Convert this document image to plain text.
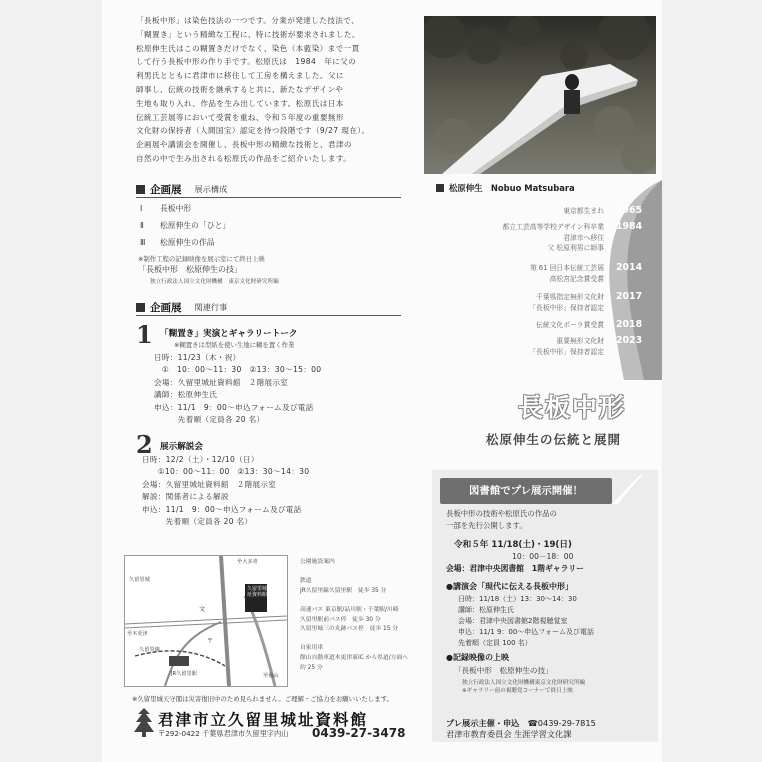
「長板中形」は染色技法の一つです。分業が発達した技法で、
「糊置き」という精緻な工程に、特に技術が要求されました。
松原伸生氏はこの糊置きだけでなく、染色（本藍染）まで一貫
して行う長板中形の作り手です。松原氏は　1984　年に父の
利男氏とともに君津市に移住して工房を構えました。父に
師事し、伝統の技術を継承すると共に、新たなデザインや
生地も取り入れ、作品を生み出しています。松原氏は日本
伝統工芸展等において受賞を重ね、令和５年度の重要無形
文化財の保持者（人間国宝）認定を待つ段階です（9/27 現在）。
企画展や講演会を開催し、長板中形の精緻な技術と、君津の
自然の中で生み出される松原氏の作品をご紹介いたします。
企画展 展示構成
Ⅰ 長板中形
Ⅱ 松原伸生の「ひと」
Ⅲ 松原伸生の作品
※制作工程の記録映像を展示室にて終日上映
「長板中形　松原伸生の技」
独立行政法人国立文化財機構　東京文化財研究所編
企画展 関連行事
1 「糊置き」実演とギャラリートーク
※糊置きは型紙を使い生地に糊を置く作業
日時：11/23（木・祝）
　①　10：00～11：30　②13：30～15：00
会場：久留里城址資料館　２階展示室
講師：松原伸生氏
申込：11/1　9：00～申込フォーム及び電話
　　　先着順（定員各 20 名）
2 展示解説会
日時：12/2（土）・12/10（日）
　　①10：00～11：00　②13：30～14：30
会場：久留里城址資料館　２階展示室
解説：関係者による解説
申込：11/1　9：00～申込フォーム及び電話
　　　先着順（定員各 20 名）
松原伸生　Nobuo Matsubara
東京都生まれ 1965
都立工芸高等学校デザイン科卒業
君津市へ移住
父 松原利男に師事
1984
第 61 回日本伝統工芸展
高松宮記念賞受賞
2014
千葉県指定無形文化財
「長板中形」保持者認定
2017
伝統文化ポーラ賞受賞 2018
重要無形文化財
「長板中形」保持者認定
2023
長板中形
松原伸生の伝統と展開
図書館でプレ展示開催！
長板中形の技術や松原氏の作品の
一部を先行公開します。
令和５年 11/18(土)・19(日)
10：00－18：00
会場：君津中央図書館　1階ギャラリー
●講演会「現代に伝える長板中形」
日時：11/18（土）13：30～14：30
講師：松原伸生氏
会場：君津中央図書館2階視聴覚室
申込：11/1 9：00～申込フォーム及び電話
先着順（定員 100 名）
●記録映像の上映
「長板中形　松原伸生の技」
独立行政法人国立文化財機構東京文化財研究所編
※ギャラリー前の視聴覚コーナーで終日上映
プレ展示主催・申込　 ☎0439-29-7815
君津市教育委員会 生涯学習文化課
久留里城址資料館
久留里城
至木更津
至大多喜
JR久留里駅
久留里線
文
〒
至亀山
公園施設案内

鉄道
JR久留里線久留里駅　徒歩 35 分

高速バス 東京駅/品川駅・千葉駅/川崎
久留里駅前バス停　徒歩 30 分
久留里城三の丸跡バス停　徒歩 15 分

自家用車
館山自動車道木更津東IC から県道/方面へ
約 25 分
※久留里城天守閣は災害復旧中のため見られません。ご理解・ご協力をお願いいたします。
君津市立久留里城址資料館
〒292-0422 千葉県君津市久留里字内山 0439-27-3478
